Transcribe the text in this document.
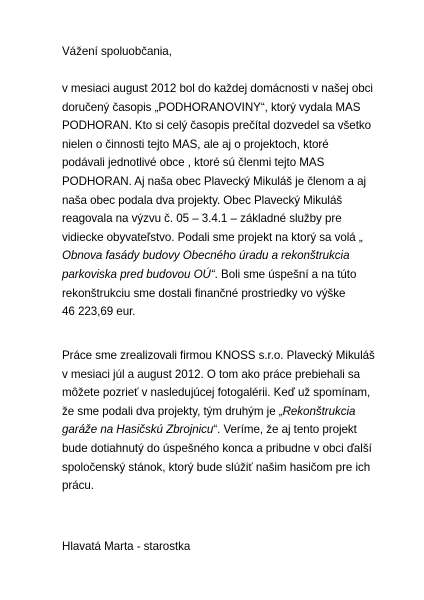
Vážení spoluobčania,
v mesiaci august 2012 bol do každej domácnosti v našej obci
doručený časopis „PODHORANOVINY“, ktorý vydala MAS
PODHORAN. Kto si celý časopis prečítal dozvedel sa všetko
nielen o činnosti tejto MAS, ale aj o projektoch, ktoré
podávali jednotlivé obce , ktoré sú členmi tejto MAS
PODHORAN. Aj naša obec Plavecký Mikuláš je členom a aj
naša obec podala dva projekty. Obec Plavecký Mikuláš
reagovala na výzvu č. 05 – 3.4.1 – základné služby pre
vidiecke obyvateľstvo. Podali sme projekt na ktorý sa volá „
Obnova fasády budovy Obecného úradu a rekonštrukcia
parkoviska pred budovou OÚ“. Boli sme úspešní a na túto
rekonštrukciu sme dostali finančné prostriedky vo výške
46 223,69 eur.
Práce sme zrealizovali firmou KNOSS s.r.o. Plavecký Mikuláš
v mesiaci júl a august 2012. O tom ako práce prebiehali sa
môžete pozrieť v nasledujúcej fotogalérii. Keď už spomínam,
že sme podali dva projekty, tým druhým je „Rekonštrukcia
garáže na Hasičskú Zbrojnicu“. Veríme, že aj tento projekt
bude dotiahnutý do úspešného konca a pribudne v obci ďalší
spoločenský stánok, ktorý bude slúžiť našim hasičom pre ich
prácu.
Hlavatá Marta - starostka
